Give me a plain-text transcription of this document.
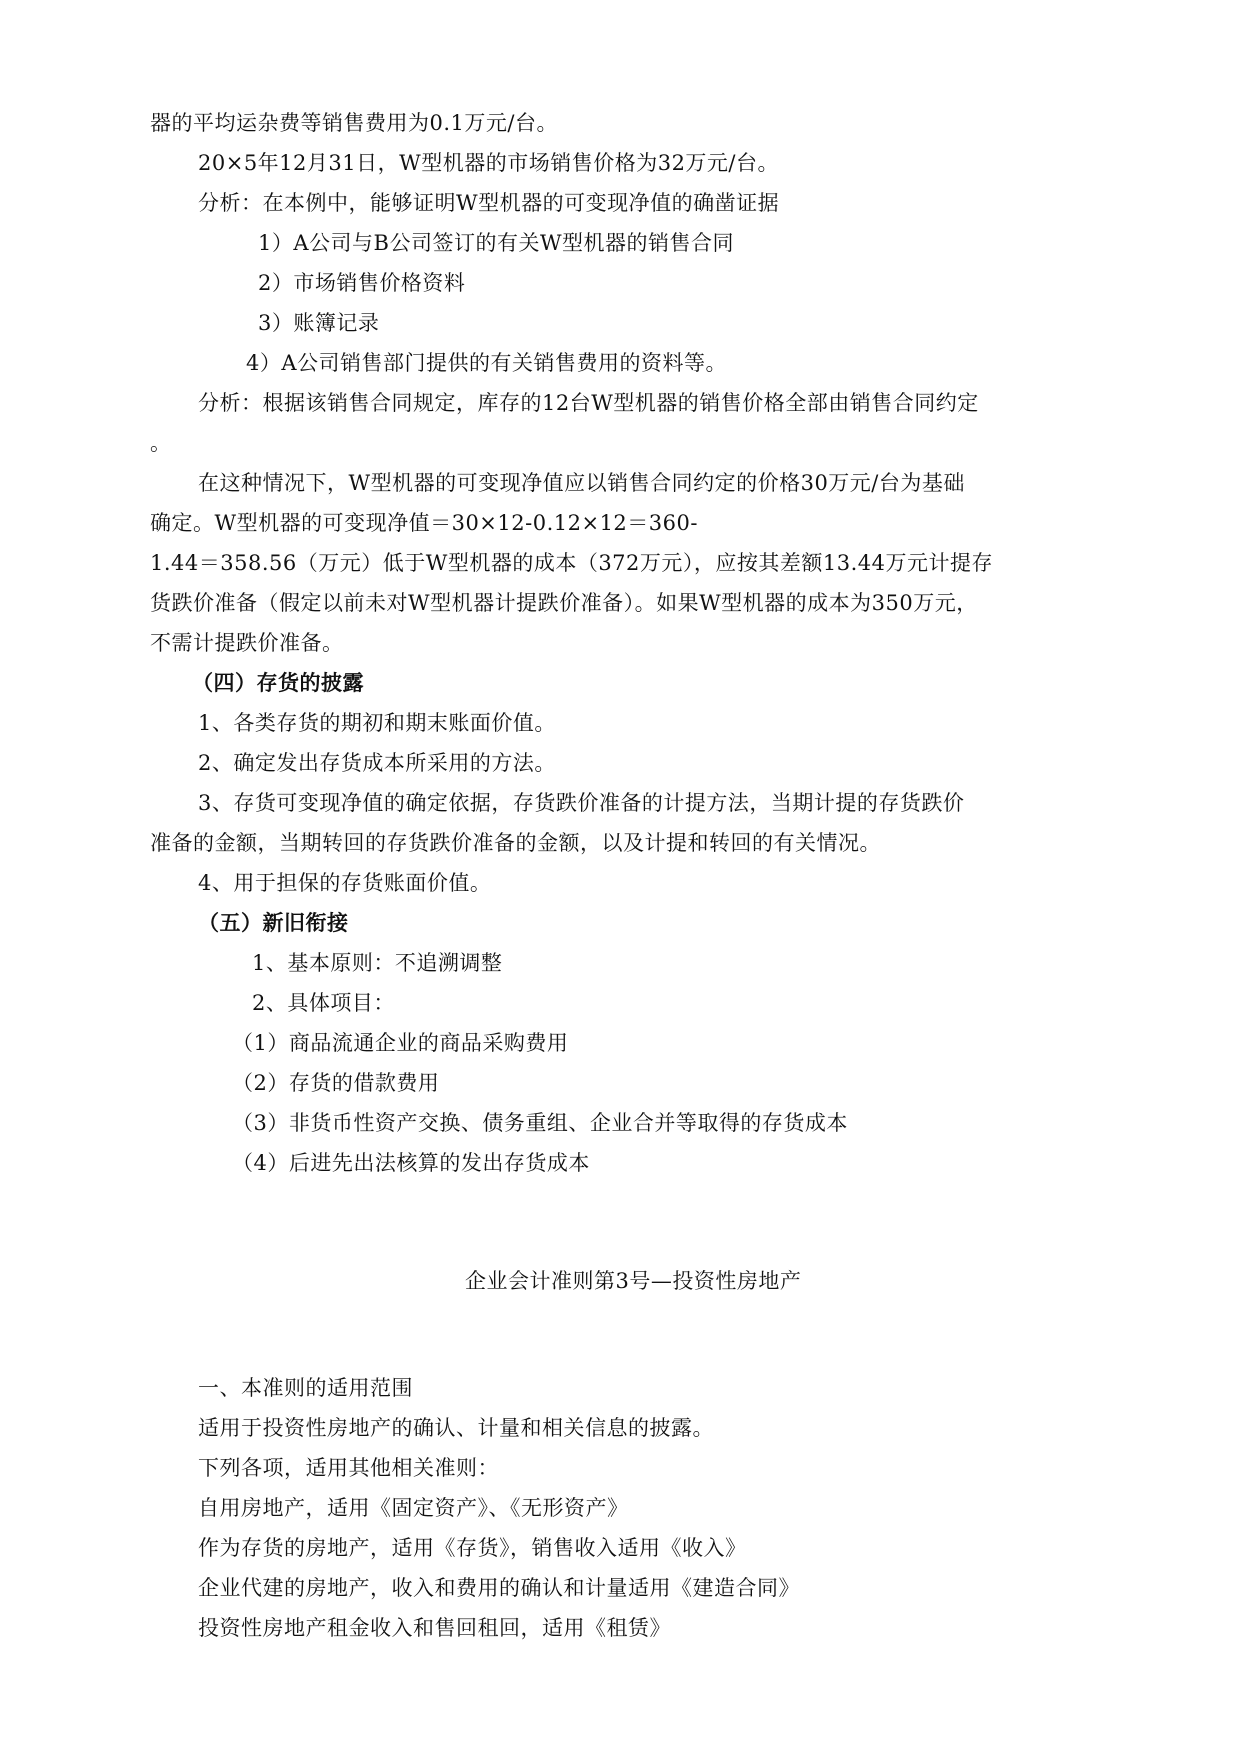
器的平均运杂费等销售费用为0.1万元/台。
20×5年12月31日，W型机器的市场销售价格为32万元/台。
分析：在本例中，能够证明W型机器的可变现净值的确凿证据
1）A公司与B公司签订的有关W型机器的销售合同
2）市场销售价格资料
3）账簿记录
4）A公司销售部门提供的有关销售费用的资料等。
分析：根据该销售合同规定，库存的12台W型机器的销售价格全部由销售合同约定
。
在这种情况下，W型机器的可变现净值应以销售合同约定的价格30万元/台为基础
确定。W型机器的可变现净值＝30×12-0.12×12＝360-
1.44＝358.56（万元）低于W型机器的成本（372万元），应按其差额13.44万元计提存
货跌价准备（假定以前未对W型机器计提跌价准备）。如果W型机器的成本为350万元，
不需计提跌价准备。
（四）存货的披露
1、各类存货的期初和期末账面价值。
2、确定发出存货成本所采用的方法。
3、存货可变现净值的确定依据，存货跌价准备的计提方法，当期计提的存货跌价
准备的金额，当期转回的存货跌价准备的金额，以及计提和转回的有关情况。
4、用于担保的存货账面价值。
（五）新旧衔接
1、基本原则：不追溯调整
2、具体项目：
（1）商品流通企业的商品采购费用
（2）存货的借款费用
（3）非货币性资产交换、债务重组、企业合并等取得的存货成本
（4）后进先出法核算的发出存货成本
企业会计准则第3号—投资性房地产
一、本准则的适用范围
适用于投资性房地产的确认、计量和相关信息的披露。
下列各项，适用其他相关准则：
自用房地产，适用《固定资产》、《无形资产》
作为存货的房地产，适用《存货》，销售收入适用《收入》
企业代建的房地产，收入和费用的确认和计量适用《建造合同》
投资性房地产租金收入和售回租回，适用《租赁》
